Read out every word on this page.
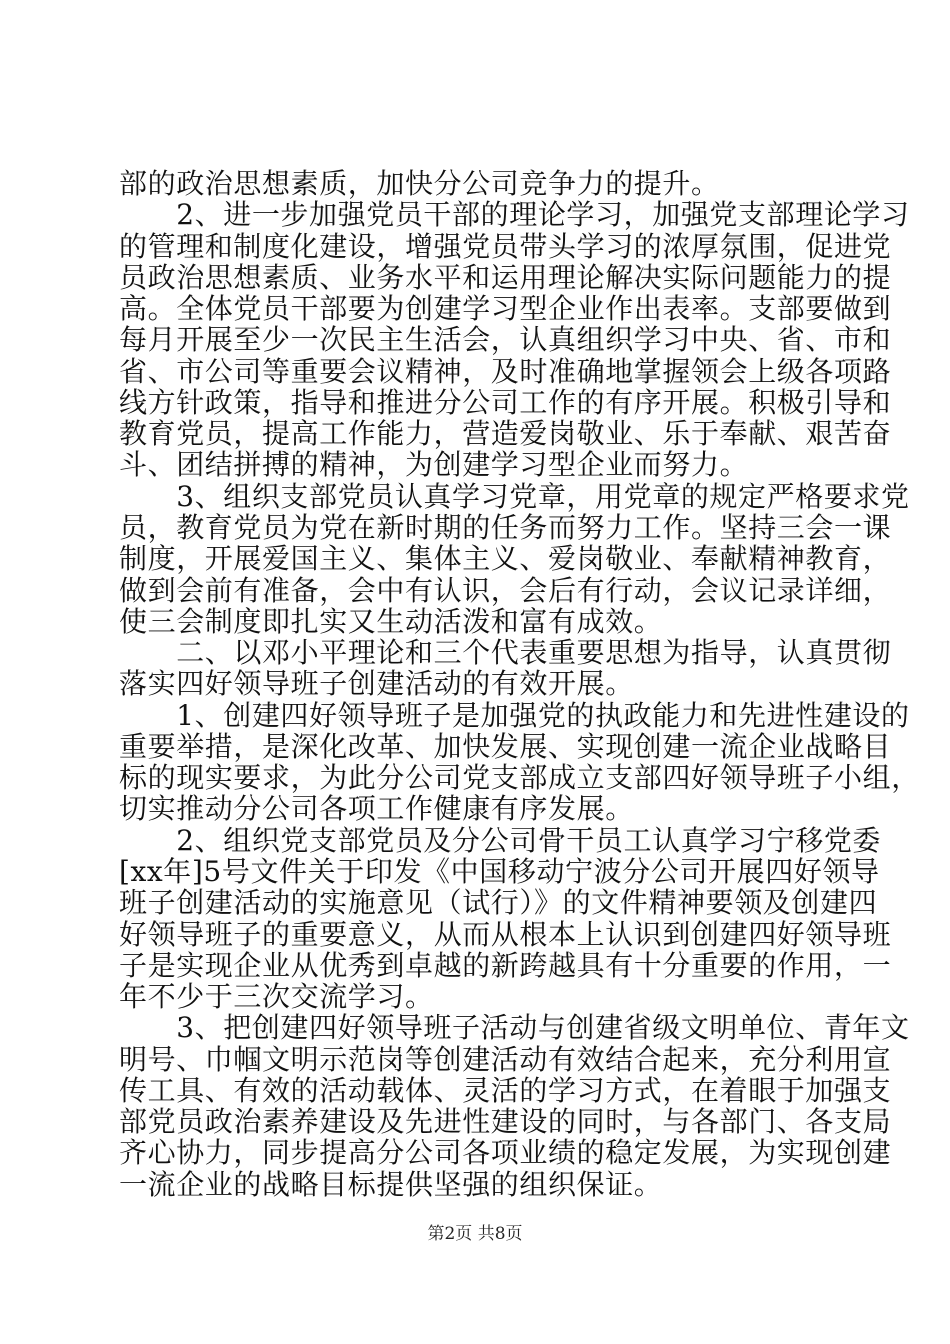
部的政治思想素质，加快分公司竞争力的提升。
　　2、进一步加强党员干部的理论学习，加强党支部理论学习
的管理和制度化建设，增强党员带头学习的浓厚氛围，促进党
员政治思想素质、业务水平和运用理论解决实际问题能力的提
高。全体党员干部要为创建学习型企业作出表率。支部要做到
每月开展至少一次民主生活会，认真组织学习中央、省、市和
省、市公司等重要会议精神，及时准确地掌握领会上级各项路
线方针政策，指导和推进分公司工作的有序开展。积极引导和
教育党员，提高工作能力，营造爱岗敬业、乐于奉献、艰苦奋
斗、团结拼搏的精神，为创建学习型企业而努力。
　　3、组织支部党员认真学习党章，用党章的规定严格要求党
员，教育党员为党在新时期的任务而努力工作。坚持三会一课
制度，开展爱国主义、集体主义、爱岗敬业、奉献精神教育，
做到会前有准备，会中有认识，会后有行动，会议记录详细，
使三会制度即扎实又生动活泼和富有成效。
　　二、以邓小平理论和三个代表重要思想为指导，认真贯彻
落实四好领导班子创建活动的有效开展。
　　1、创建四好领导班子是加强党的执政能力和先进性建设的
重要举措，是深化改革、加快发展、实现创建一流企业战略目
标的现实要求，为此分公司党支部成立支部四好领导班子小组，
切实推动分公司各项工作健康有序发展。
　　2、组织党支部党员及分公司骨干员工认真学习宁移党委
[xx年]5号文件关于印发《中国移动宁波分公司开展四好领导
班子创建活动的实施意见（试行）》的文件精神要领及创建四
好领导班子的重要意义，从而从根本上认识到创建四好领导班
子是实现企业从优秀到卓越的新跨越具有十分重要的作用，一
年不少于三次交流学习。
　　3、把创建四好领导班子活动与创建省级文明单位、青年文
明号、巾帼文明示范岗等创建活动有效结合起来，充分利用宣
传工具、有效的活动载体、灵活的学习方式，在着眼于加强支
部党员政治素养建设及先进性建设的同时，与各部门、各支局
齐心协力，同步提高分公司各项业绩的稳定发展，为实现创建
一流企业的战略目标提供坚强的组织保证。
第2页 共8页
